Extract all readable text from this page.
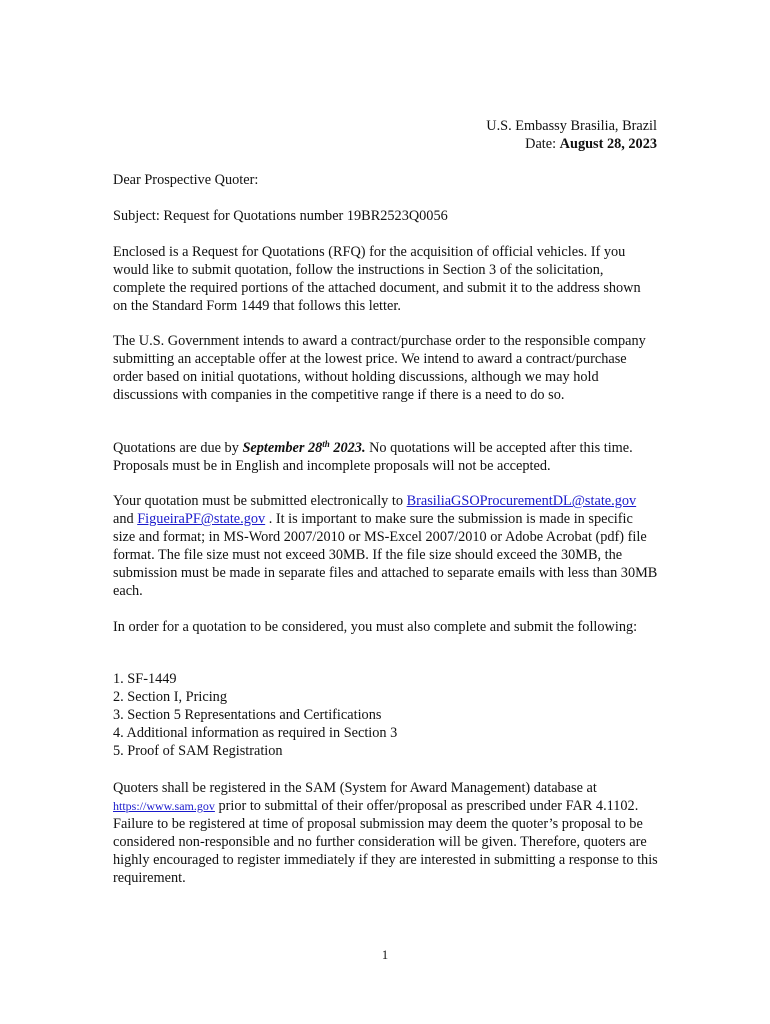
U.S. Embassy Brasilia, Brazil
Date: August 28, 2023

Dear Prospective Quoter:

Subject: Request for Quotations number 19BR2523Q0056

Enclosed is a Request for Quotations (RFQ) for the acquisition of official vehicles. If you would like to submit quotation, follow the instructions in Section 3 of the solicitation, complete the required portions of the attached document, and submit it to the address shown on the Standard Form 1449 that follows this letter.

The U.S. Government intends to award a contract/purchase order to the responsible company submitting an acceptable offer at the lowest price. We intend to award a contract/purchase order based on initial quotations, without holding discussions, although we may hold discussions with companies in the competitive range if there is a need to do so.

Quotations are due by September 28th 2023. No quotations will be accepted after this time. Proposals must be in English and incomplete proposals will not be accepted.

Your quotation must be submitted electronically to BrasiliaGSOProcurementDL@state.gov and FigueiraPF@state.gov . It is important to make sure the submission is made in specific size and format; in MS-Word 2007/2010 or MS-Excel 2007/2010 or Adobe Acrobat (pdf) file format. The file size must not exceed 30MB. If the file size should exceed the 30MB, the submission must be made in separate files and attached to separate emails with less than 30MB each.

In order for a quotation to be considered, you must also complete and submit the following:

1. SF-1449
2. Section I, Pricing
3. Section 5 Representations and Certifications
4. Additional information as required in Section 3
5. Proof of SAM Registration

Quoters shall be registered in the SAM (System for Award Management) database at https://www.sam.gov prior to submittal of their offer/proposal as prescribed under FAR 4.1102. Failure to be registered at time of proposal submission may deem the quoter’s proposal to be considered non-responsible and no further consideration will be given. Therefore, quoters are highly encouraged to register immediately if they are interested in submitting a response to this requirement.

1
